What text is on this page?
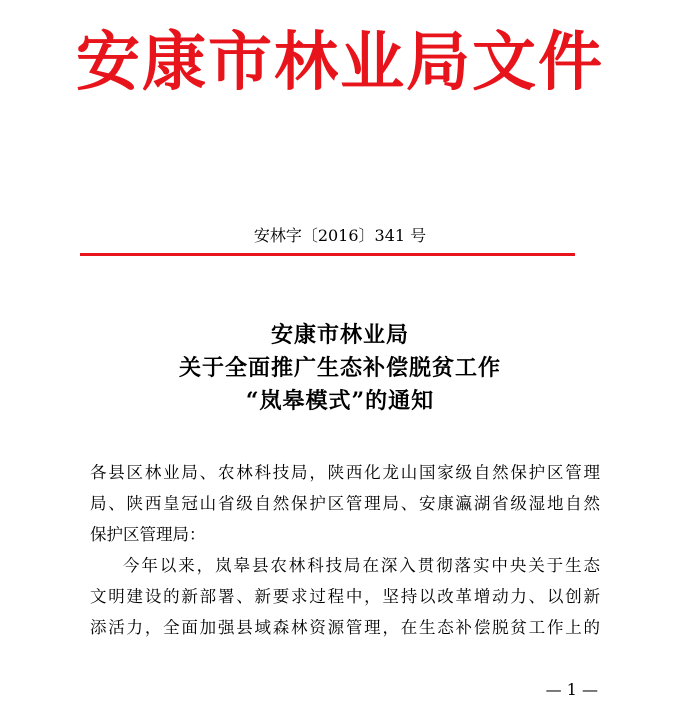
安康市林业局文件
安林字〔2016〕341 号
安康市林业局
关于全面推广生态补偿脱贫工作
“岚皋模式”的通知
各县区林业局、农林科技局，陕西化龙山国家级自然保护区管理
局、陕西皇冠山省级自然保护区管理局、安康瀛湖省级湿地自然
保护区管理局：
今年以来，岚皋县农林科技局在深入贯彻落实中央关于生态
文明建设的新部署、新要求过程中，坚持以改革增动力、以创新
添活力，全面加强县域森林资源管理，在生态补偿脱贫工作上的
— 1 —
